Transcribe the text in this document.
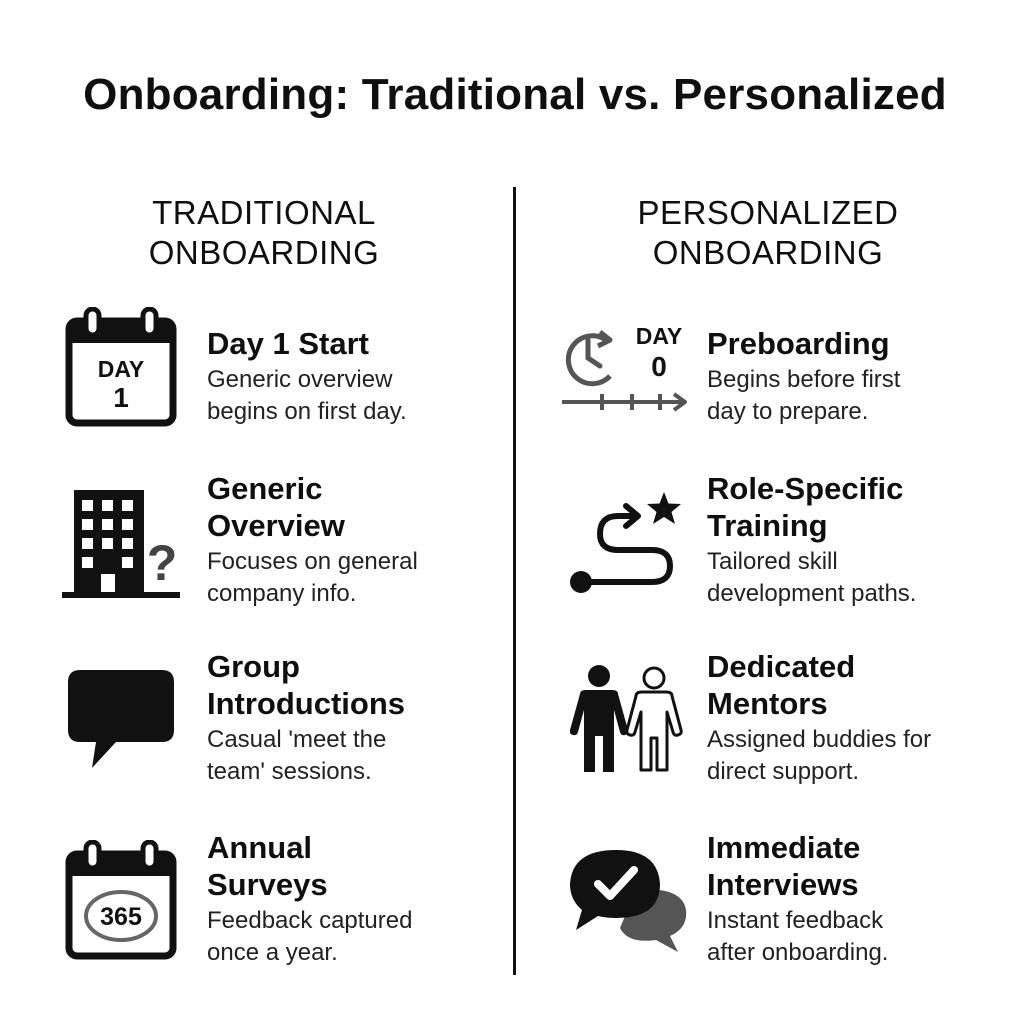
Onboarding: Traditional vs. Personalized
TRADITIONAL
ONBOARDING
PERSONALIZED
ONBOARDING
DAY
1
Day 1 Start
Generic overview
begins on first day.
?
Generic
Overview
Focuses on general
company info.
Group
Introductions
Casual 'meet the
team' sessions.
365
Annual
Surveys
Feedback captured
once a year.
DAY
0
Preboarding
Begins before first
day to prepare.
Role-Specific
Training
Tailored skill
development paths.
Dedicated
Mentors
Assigned buddies for
direct support.
Immediate
Interviews
Instant feedback
after onboarding.
